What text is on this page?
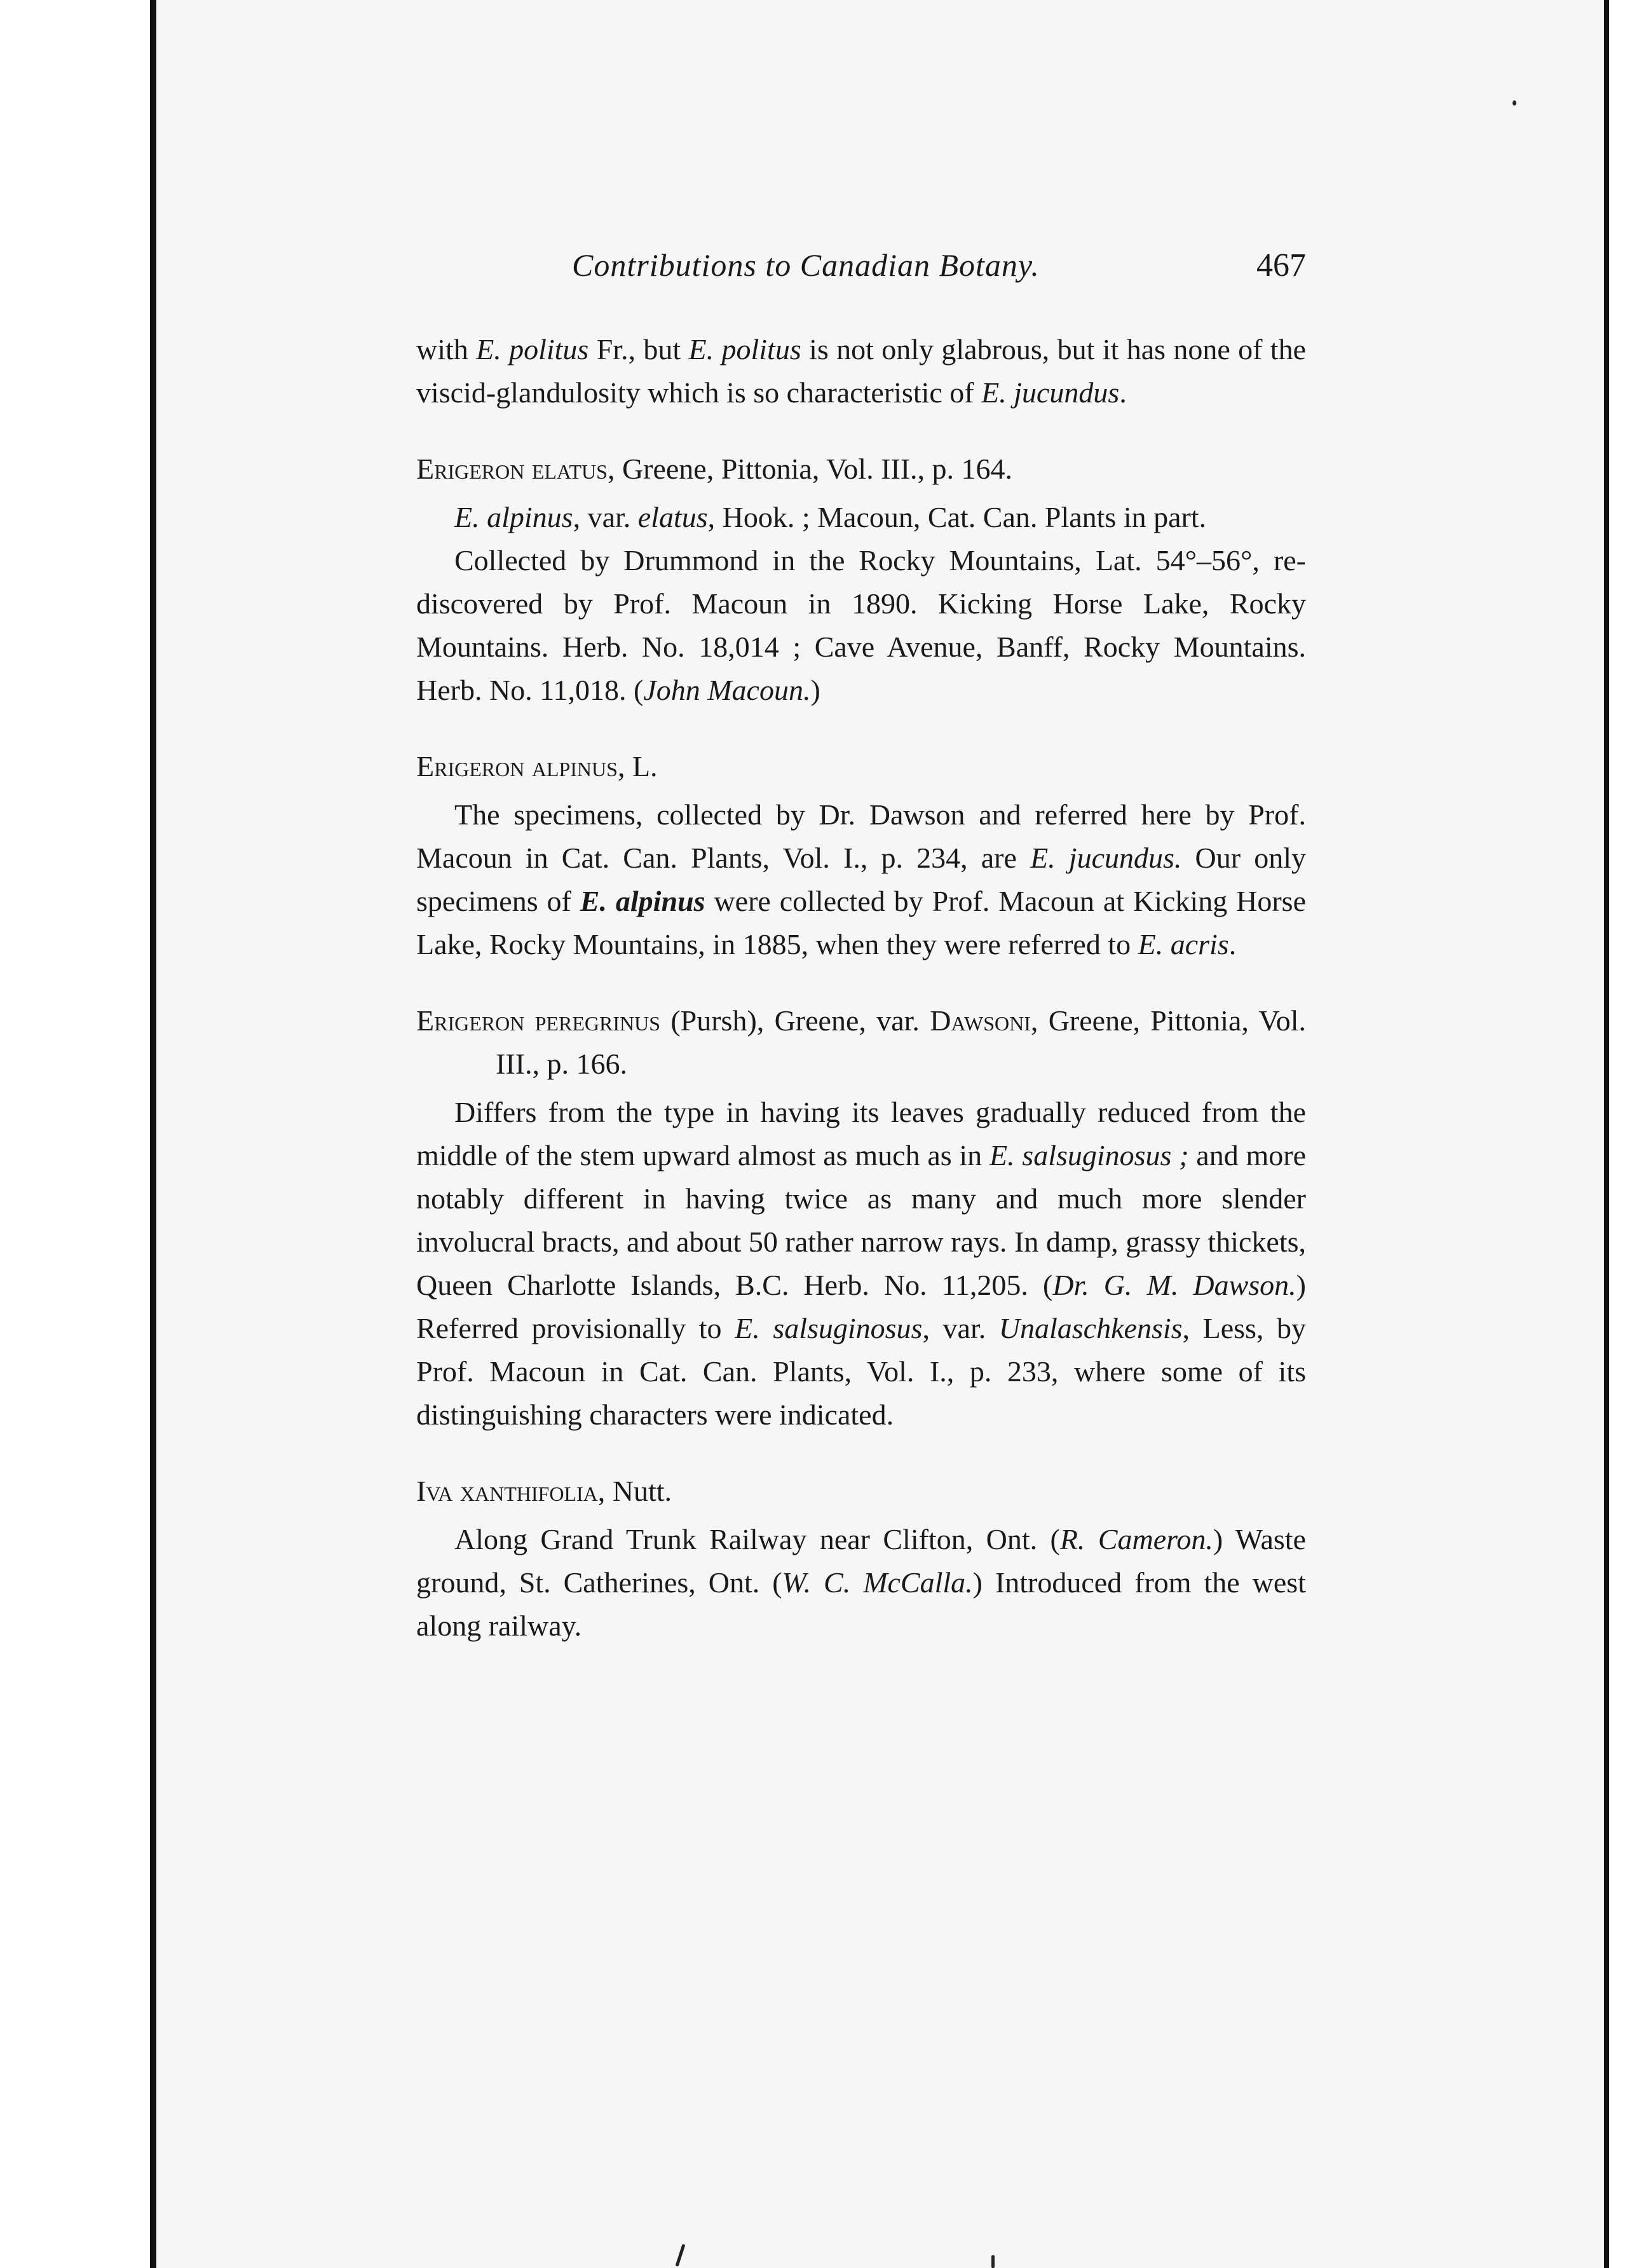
Contributions to Canadian Botany.	467

with E. politus Fr., but E. politus is not only glabrous, but it has none of the viscid-glandulosity which is so characteristic of E. jucundus.

Erigeron elatus, Greene, Pittonia, Vol. III., p. 164.

E. alpinus, var. elatus, Hook. ; Macoun, Cat. Can. Plants in part.

Collected by Drummond in the Rocky Mountains, Lat. 54°–56°, re-discovered by Prof. Macoun in 1890. Kicking Horse Lake, Rocky Mountains. Herb. No. 18,014 ; Cave Avenue, Banff, Rocky Mountains. Herb. No. 11,018. (John Macoun.)

Erigeron alpinus, L.

The specimens, collected by Dr. Dawson and referred here by Prof. Macoun in Cat. Can. Plants, Vol. I., p. 234, are E. jucundus. Our only specimens of E. alpinus were collected by Prof. Macoun at Kicking Horse Lake, Rocky Mountains, in 1885, when they were referred to E. acris.

Erigeron peregrinus (Pursh), Greene, var. Dawsoni, Greene, Pittonia, Vol. III., p. 166.

Differs from the type in having its leaves gradually reduced from the middle of the stem upward almost as much as in E. salsuginosus ; and more notably different in having twice as many and much more slender involucral bracts, and about 50 rather narrow rays. In damp, grassy thickets, Queen Charlotte Islands, B.C. Herb. No. 11,205. (Dr. G. M. Dawson.) Referred provisionally to E. salsuginosus, var. Unalaschkensis, Less, by Prof. Macoun in Cat. Can. Plants, Vol. I., p. 233, where some of its distinguishing characters were indicated.

Iva xanthifolia, Nutt.

Along Grand Trunk Railway near Clifton, Ont. (R. Cameron.) Waste ground, St. Catherines, Ont. (W. C. McCalla.) Introduced from the west along railway.
